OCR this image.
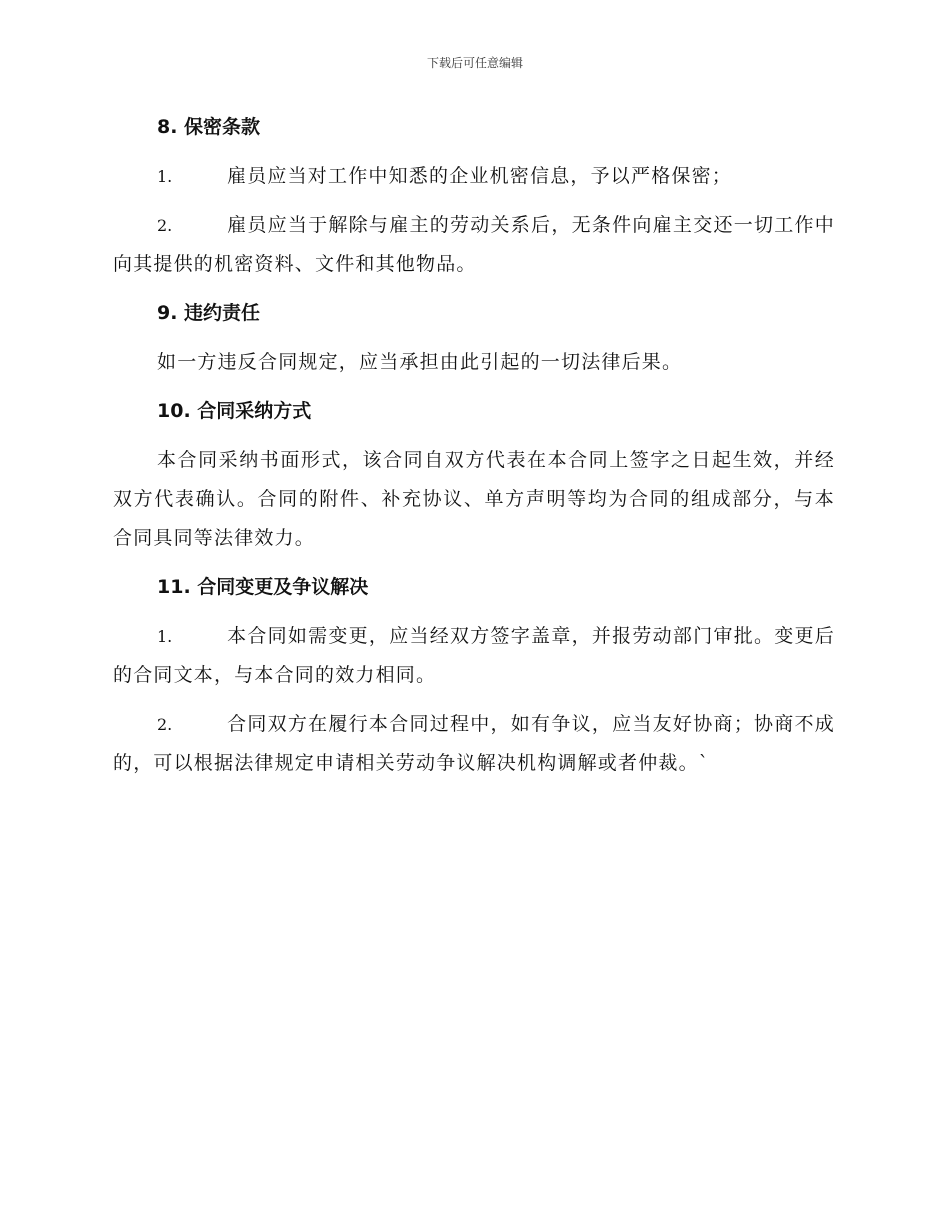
下载后可任意编辑
8. 保密条款

1.	雇员应当对工作中知悉的企业机密信息，予以严格保密；

2.	雇员应当于解除与雇主的劳动关系后，无条件向雇主交还一切工作中向其提供的机密资料、文件和其他物品。

9. 违约责任

如一方违反合同规定，应当承担由此引起的一切法律后果。

10. 合同采纳方式

本合同采纳书面形式，该合同自双方代表在本合同上签字之日起生效，并经双方代表确认。合同的附件、补充协议、单方声明等均为合同的组成部分，与本合同具同等法律效力。

11. 合同变更及争议解决

1.	本合同如需变更，应当经双方签字盖章，并报劳动部门审批。变更后的合同文本，与本合同的效力相同。

2.	合同双方在履行本合同过程中，如有争议，应当友好协商；协商不成的，可以根据法律规定申请相关劳动争议解决机构调解或者仲裁。`
